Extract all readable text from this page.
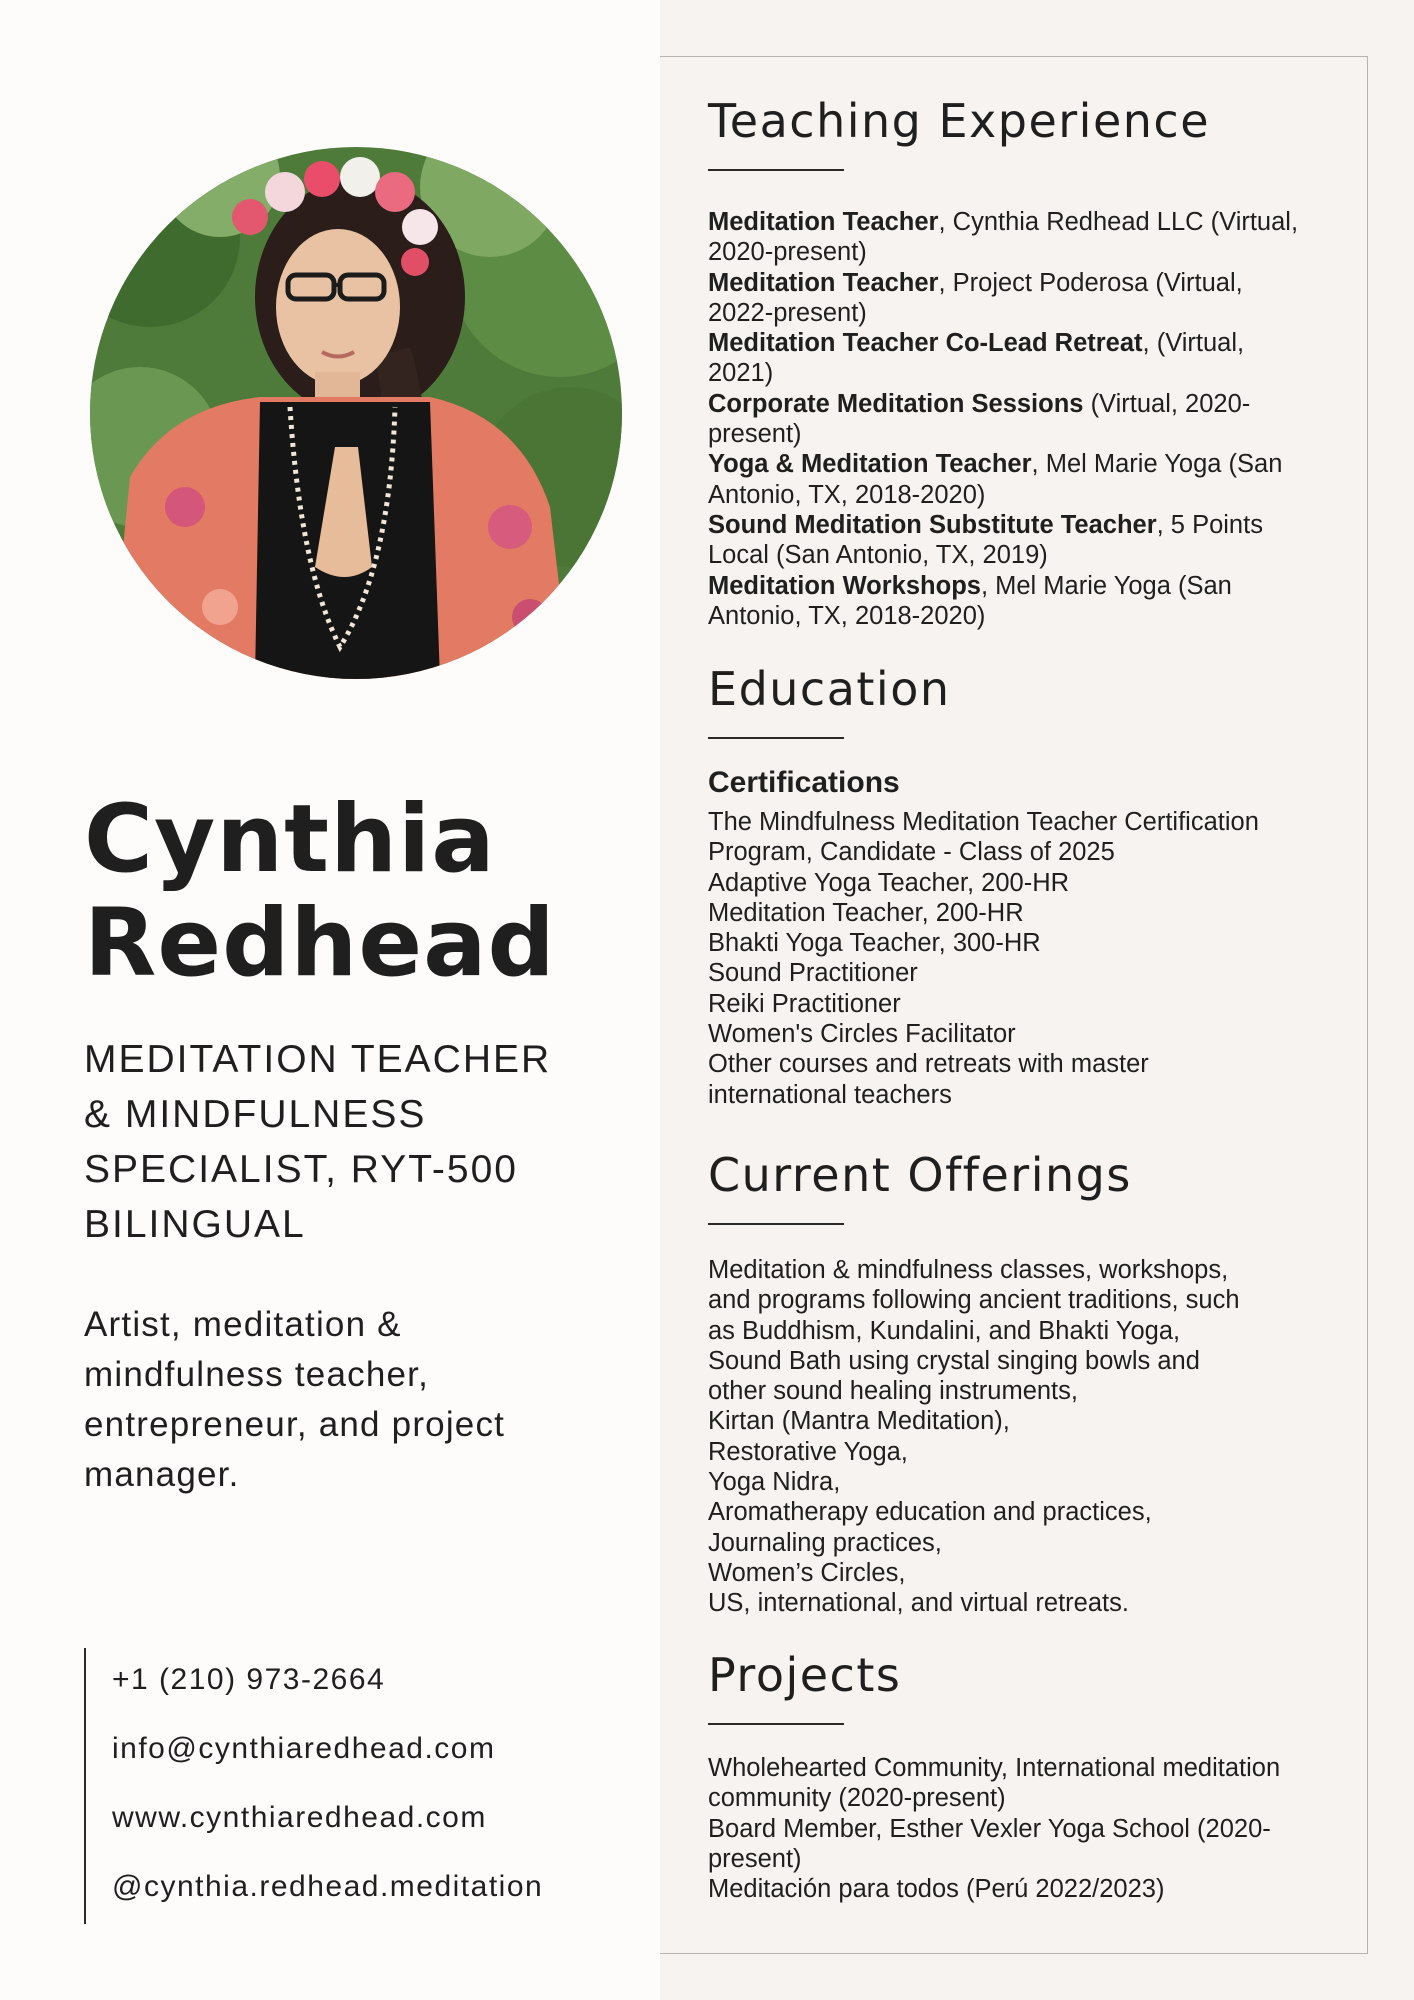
Cynthia
Redhead
MEDITATION TEACHER
& MINDFULNESS
SPECIALIST, RYT-500
BILINGUAL
Artist, meditation &
mindfulness teacher,
entrepreneur, and project
manager.
+1 (210) 973-2664
info@cynthiaredhead.com
www.cynthiaredhead.com
@cynthia.redhead.meditation
Teaching Experience
Meditation Teacher, Cynthia Redhead LLC (Virtual,
2020-present)
Meditation Teacher, Project Poderosa (Virtual,
2022-present)
Meditation Teacher Co-Lead Retreat, (Virtual,
2021)
Corporate Meditation Sessions (Virtual, 2020-
present)
Yoga & Meditation Teacher, Mel Marie Yoga (San
Antonio, TX, 2018-2020)
Sound Meditation Substitute Teacher, 5 Points
Local (San Antonio, TX, 2019)
Meditation Workshops, Mel Marie Yoga (San
Antonio, TX, 2018-2020)
Education
Certifications
The Mindfulness Meditation Teacher Certification
Program, Candidate - Class of 2025
Adaptive Yoga Teacher, 200-HR
Meditation Teacher, 200-HR
Bhakti Yoga Teacher, 300-HR
Sound Practitioner
Reiki Practitioner
Women's Circles Facilitator
Other courses and retreats with master
international teachers
Current Offerings
Meditation & mindfulness classes, workshops,
and programs following ancient traditions, such
as Buddhism, Kundalini, and Bhakti Yoga,
Sound Bath using crystal singing bowls and
other sound healing instruments,
Kirtan (Mantra Meditation),
Restorative Yoga,
Yoga Nidra,
Aromatherapy education and practices,
Journaling practices,
Women’s Circles,
US, international, and virtual retreats.
Projects
Wholehearted Community, International meditation
community (2020-present)
Board Member, Esther Vexler Yoga School (2020-
present)
Meditación para todos (Perú 2022/2023)
